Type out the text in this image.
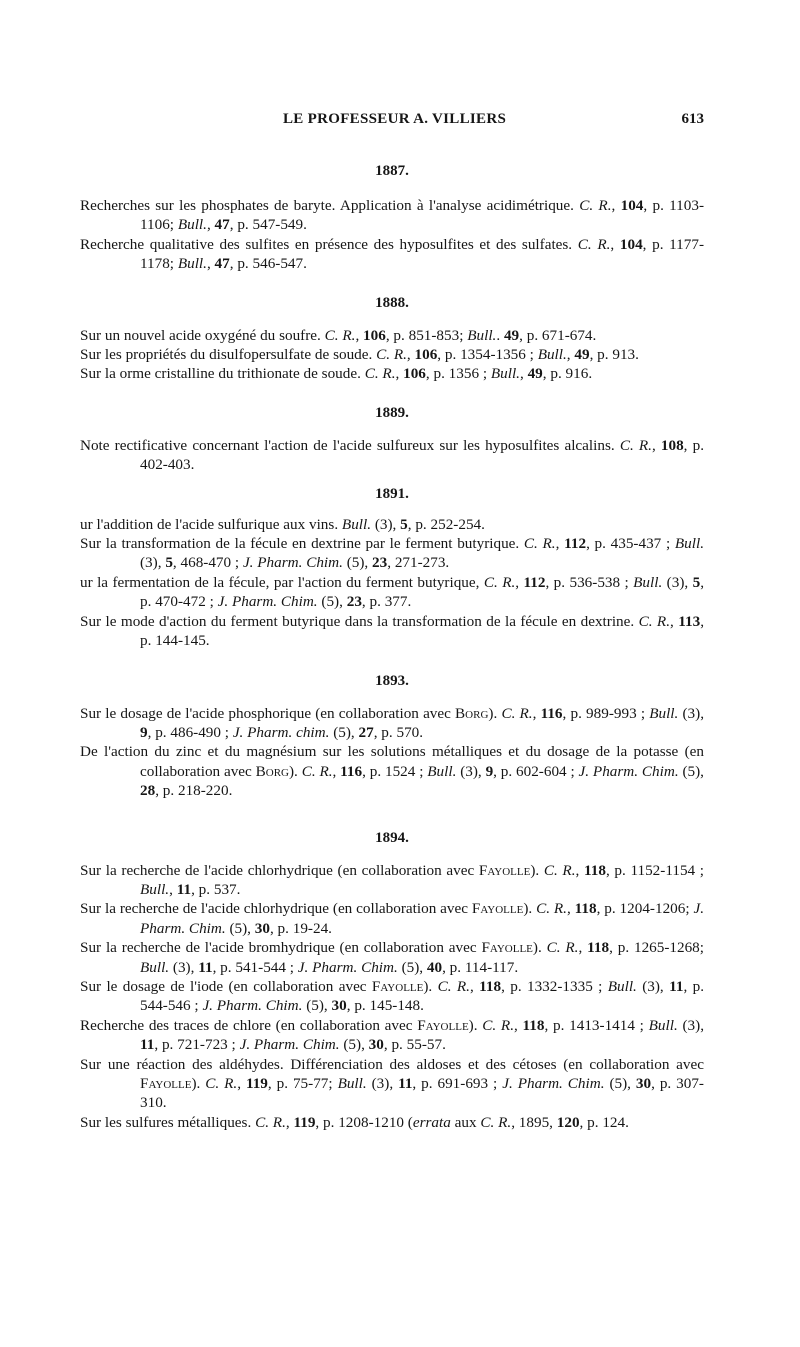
LE PROFESSEUR A. VILLIERS	613
1887.
Recherches sur les phosphates de baryte. Application à l'analyse acidimétrique. C. R., 104, p. 1103-1106; Bull., 47, p. 547-549.
Recherche qualitative des sulfites en présence des hyposulfites et des sulfates. C. R., 104, p. 1177-1178; Bull., 47, p. 546-547.
1888.
Sur un nouvel acide oxygéné du soufre. C. R., 106, p. 851-853; Bull.. 49, p. 671-674.
Sur les propriétés du disulfopersulfate de soude. C. R., 106, p. 1354-1356 ; Bull., 49, p. 913.
Sur la orme cristalline du trithionate de soude. C. R., 106, p. 1356 ; Bull., 49, p. 916.
1889.
Note rectificative concernant l'action de l'acide sulfureux sur les hyposulfites alcalins. C. R., 108, p. 402-403.
1891.
ur l'addition de l'acide sulfurique aux vins. Bull. (3), 5, p. 252-254.
Sur la transformation de la fécule en dextrine par le ferment butyrique. C. R., 112, p. 435-437 ; Bull. (3), 5, 468-470 ; J. Pharm. Chim. (5), 23, 271-273.
ur la fermentation de la fécule, par l'action du ferment butyrique, C. R., 112, p. 536-538 ; Bull. (3), 5, p. 470-472 ; J. Pharm. Chim. (5), 23, p. 377.
Sur le mode d'action du ferment butyrique dans la transformation de la fécule en dextrine. C. R., 113, p. 144-145.
1893.
Sur le dosage de l'acide phosphorique (en collaboration avec Borg). C. R., 116, p. 989-993 ; Bull. (3), 9, p. 486-490 ; J. Pharm. chim. (5), 27, p. 570.
De l'action du zinc et du magnésium sur les solutions métalliques et du dosage de la potasse (en collaboration avec Borg). C. R., 116, p. 1524 ; Bull. (3), 9, p. 602-604 ; J. Pharm. Chim. (5), 28, p. 218-220.
1894.
Sur la recherche de l'acide chlorhydrique (en collaboration avec Fayolle). C. R., 118, p. 1152-1154 ; Bull., 11, p. 537.
Sur la recherche de l'acide chlorhydrique (en collaboration avec Fayolle). C. R., 118, p. 1204-1206; J. Pharm. Chim. (5), 30, p. 19-24.
Sur la recherche de l'acide bromhydrique (en collaboration avec Fayolle). C. R., 118, p. 1265-1268; Bull. (3), 11, p. 541-544 ; J. Pharm. Chim. (5), 40, p. 114-117.
Sur le dosage de l'iode (en collaboration avec Fayolle). C. R., 118, p. 1332-1335 ; Bull. (3), 11, p. 544-546 ; J. Pharm. Chim. (5), 30, p. 145-148.
Recherche des traces de chlore (en collaboration avec Fayolle). C. R., 118, p. 1413-1414 ; Bull. (3), 11, p. 721-723 ; J. Pharm. Chim. (5), 30, p. 55-57.
Sur une réaction des aldéhydes. Différenciation des aldoses et des cétoses (en collaboration avec Fayolle). C. R., 119, p. 75-77; Bull. (3), 11, p. 691-693 ; J. Pharm. Chim. (5), 30, p. 307-310.
Sur les sulfures métalliques. C. R., 119, p. 1208-1210 (errata aux C. R., 1895, 120, p. 124.
